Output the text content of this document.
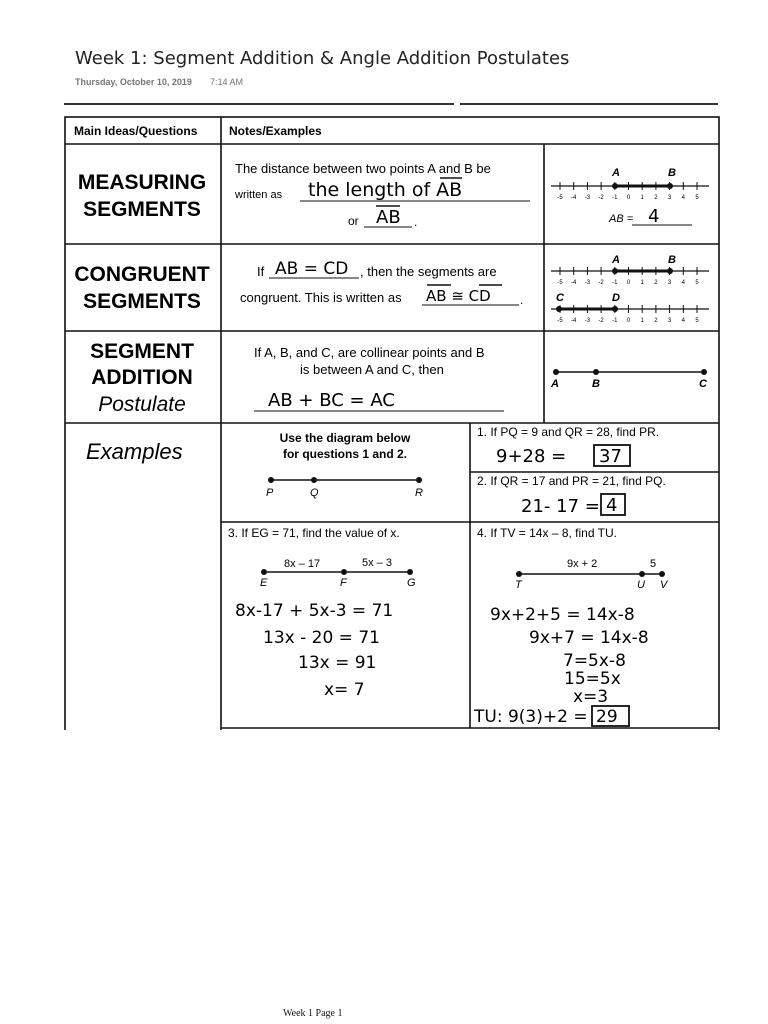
Week 1: Segment Addition & Angle Addition Postulates
Thursday, October 10, 2019 7:14 AM
Main Ideas/Questions	Notes/Examples
MEASURING
SEGMENTS
The distance between two points A and B be
written as the length of AB
or AB .
-5 -4 -3 -2 -1 0 1 2 3 4 5
A	B
AB = 4
CONGRUENT
SEGMENTS
If AB = CD , then the segments are
congruent. This is written as AB ≅ CD .
-5 -4 -3 -2 -1 0 1 2 3 4 5
A	B
-5 -4 -3 -2 -1 0 1 2 3 4 5
C	D
SEGMENT
ADDITION
Postulate
If A, B, and C, are collinear points and B
is between A and C, then
AB + BC = AC
A	B	C
Examples
Use the diagram below
for questions 1 and 2.
P	Q	R
1. If PQ = 9 and QR = 28, find PR.
9+28 = 37
2. If QR = 17 and PR = 21, find PQ.
21- 17 = 4
3. If EG = 71, find the value of x.
8x – 17	5x – 3
E	F	G
8x-17 + 5x-3 = 71
13x - 20 = 71
13x = 91
x= 7
4. If TV = 14x – 8, find TU.
9x + 2	5
T	U V
9x+2+5 = 14x-8
9x+7 = 14x-8
7=5x-8
15=5x
x=3
TU: 9(3)+2 = 29
Week 1 Page 1
